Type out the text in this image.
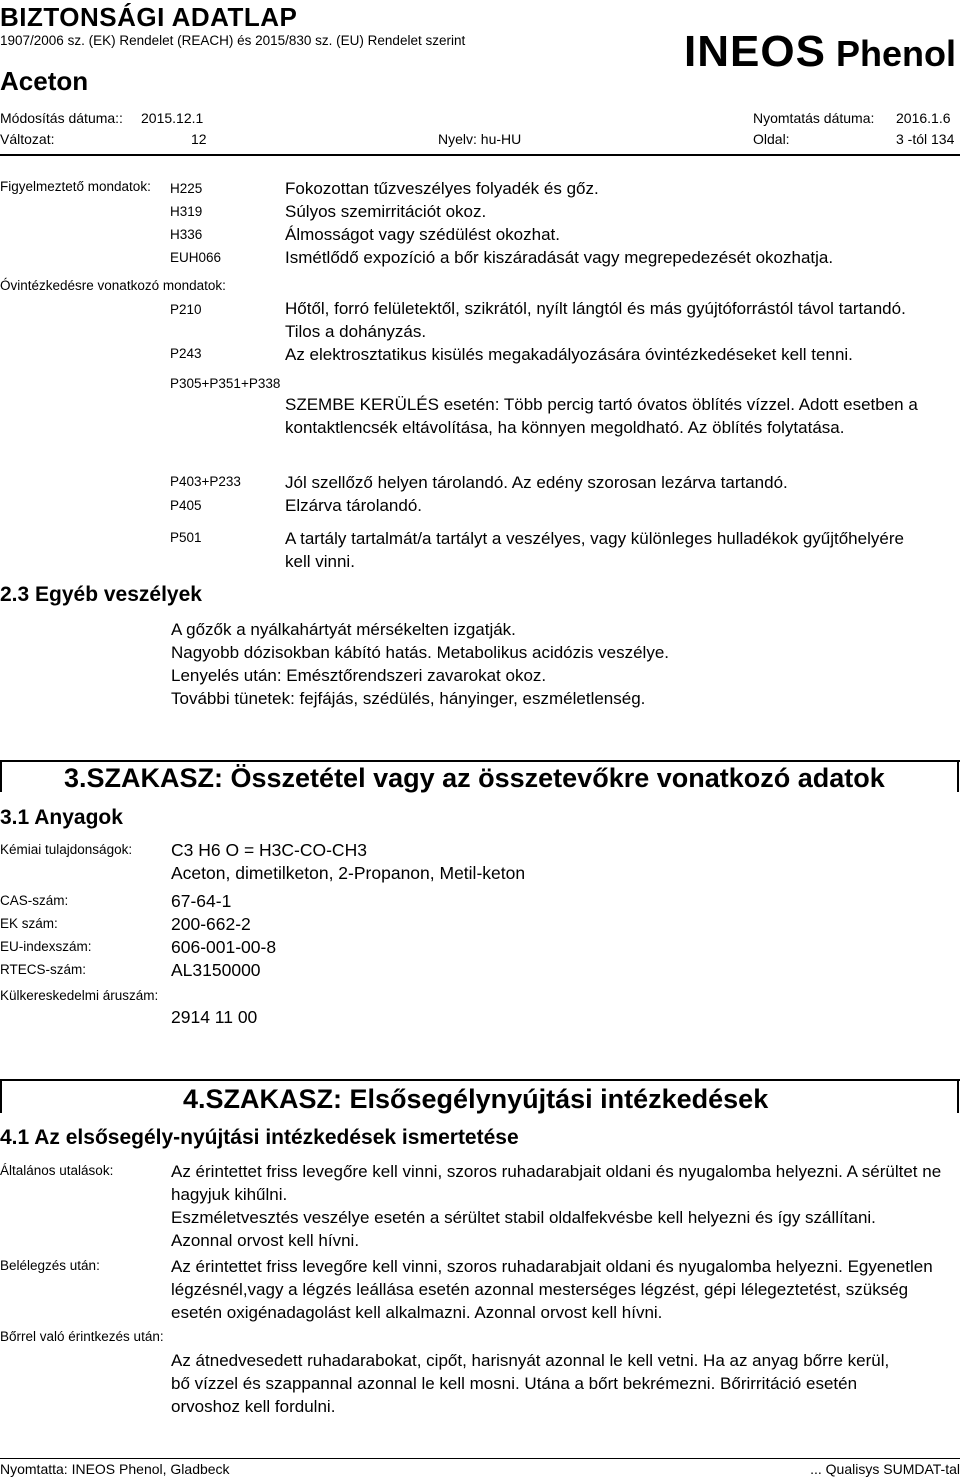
BIZTONSÁGI ADATLAP
1907/2006 sz. (EK) Rendelet (REACH) és 2015/830 sz. (EU) Rendelet szerint
Aceton
INEOS Phenol
Módosítás dátuma:: 2015.12.1	Nyomtatás dátuma: 2016.1.6
Változat:	12	Nyelv: hu-HU	Oldal:	3 -tól 134
Figyelmeztető mondatok: H225	Fokozottan tűzveszélyes folyadék és gőz.
H319	Súlyos szemirritációt okoz.
H336	Álmosságot vagy szédülést okozhat.
EUH066	Ismétlődő expozíció a bőr kiszáradását vagy megrepedezését okozhatja.
Óvintézkedésre vonatkozó mondatok:
P210	Hőtől, forró felületektől, szikrától, nyílt lángtól és más gyújtóforrástól távol tartandó. Tilos a dohányzás.
P243	Az elektrosztatikus kisülés megakadályozására óvintézkedéseket kell tenni.
P305+P351+P338
SZEMBE KERÜLÉS esetén: Több percig tartó óvatos öblítés vízzel. Adott esetben a kontaktlencsék eltávolítása, ha könnyen megoldható. Az öblítés folytatása.
P403+P233	Jól szellőző helyen tárolandó. Az edény szorosan lezárva tartandó.
P405	Elzárva tárolandó.
P501	A tartály tartalmát/a tartályt a veszélyes, vagy különleges hulladékok gyűjtőhelyére kell vinni.
2.3 Egyéb veszélyek
A gőzők a nyálkahártyát mérsékelten izgatják.
Nagyobb dózisokban kábító hatás. Metabolikus acidózis veszélye.
Lenyelés után: Emésztőrendszeri zavarokat okoz.
További tünetek: fejfájás, szédülés, hányinger, eszméletlenség.
3.SZAKASZ: Összetétel vagy az összetevőkre vonatkozó adatok
3.1 Anyagok
Kémiai tulajdonságok: C3 H6 O = H3C-CO-CH3
Aceton, dimetilketon, 2-Propanon, Metil-keton
CAS-szám:	67-64-1
EK szám:	200-662-2
EU-indexszám:	606-001-00-8
RTECS-szám:	AL3150000
Külkereskedelmi áruszám:
2914 11 00
4.SZAKASZ: Elsősegélynyújtási intézkedések
4.1 Az elsősegély-nyújtási intézkedések ismertetése
Általános utalások:	Az érintettet friss levegőre kell vinni, szoros ruhadarabjait oldani és nyugalomba helyezni. A sérültet ne hagyjuk kihűlni.
Eszméletvesztés veszélye esetén a sérültet stabil oldalfekvésbe kell helyezni és így szállítani. Azonnal orvost kell hívni.
Belélegzés után:	Az érintettet friss levegőre kell vinni, szoros ruhadarabjait oldani és nyugalomba helyezni. Egyenetlen légzésnél,vagy a légzés leállása esetén azonnal mesterséges légzést, gépi lélegeztetést, szükség esetén oxigénadagolást kell alkalmazni. Azonnal orvost kell hívni.
Bőrrel való érintkezés után:
Az átnedvesedett ruhadarabokat, cipőt, harisnyát azonnal le kell vetni. Ha az anyag bőrre kerül, bő vízzel és szappannal azonnal le kell mosni. Utána a bőrt bekrémezni. Bőrirritáció esetén orvoshoz kell fordulni.
Nyomtatta: INEOS Phenol, Gladbeck	... Qualisys SUMDAT-tal
